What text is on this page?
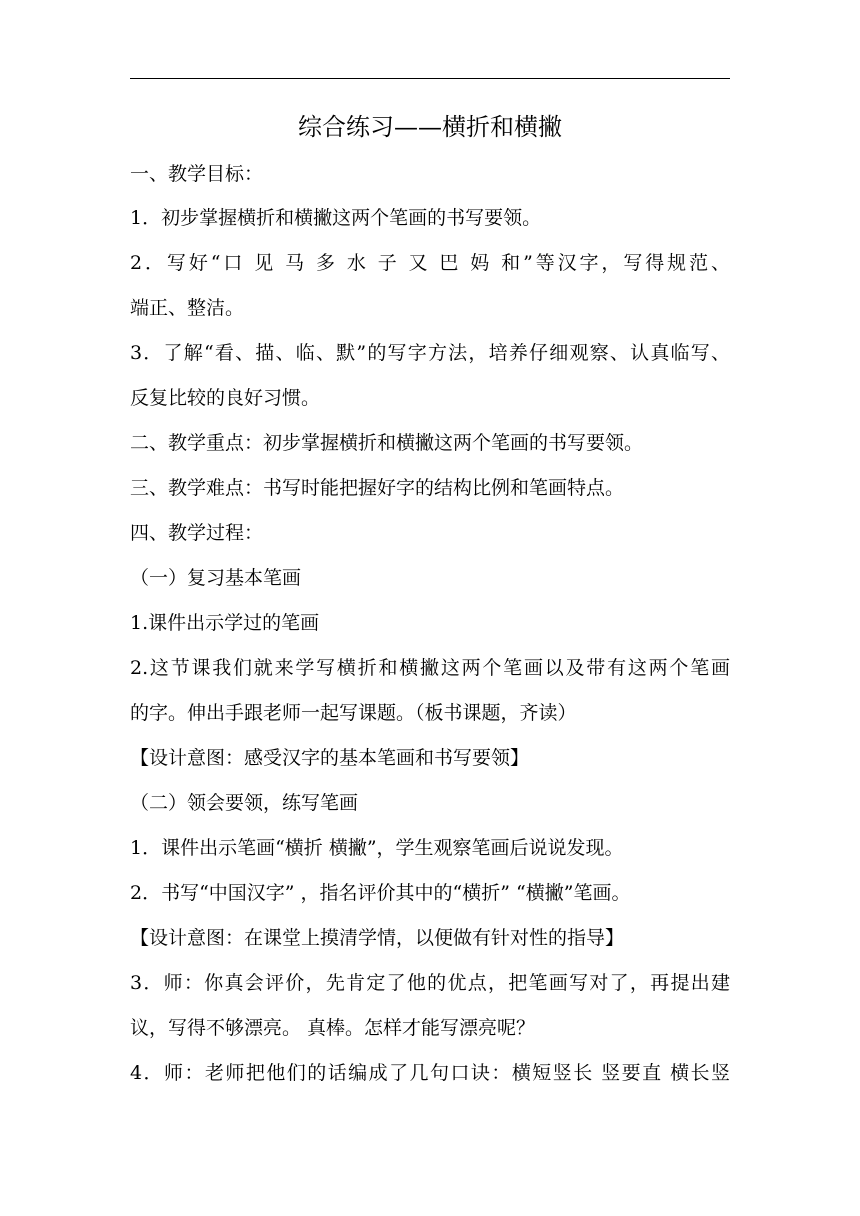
综合练习——横折和横撇
一、教学目标：
1．初步掌握横折和横撇这两个笔画的书写要领。
2．写好“口 见 马 多 水 子 又 巴 妈 和”等汉字，写得规范、
端正、整洁。
3．了解“看、描、临、默”的写字方法，培养仔细观察、认真临写、
反复比较的良好习惯。
二、教学重点：初步掌握横折和横撇这两个笔画的书写要领。
三、教学难点：书写时能把握好字的结构比例和笔画特点。
四、教学过程：
（一）复习基本笔画
1.课件出示学过的笔画
2.这节课我们就来学写横折和横撇这两个笔画以及带有这两个笔画
的字。伸出手跟老师一起写课题。（板书课题，齐读）
【设计意图：感受汉字的基本笔画和书写要领】
（二）领会要领，练写笔画
1．课件出示笔画“横折 横撇”，学生观察笔画后说说发现。
2．书写“中国汉字” ，指名评价其中的“横折” “横撇”笔画。
【设计意图：在课堂上摸清学情，以便做有针对性的指导】
3．师：你真会评价，先肯定了他的优点，把笔画写对了，再提出建
议，写得不够漂亮。 真棒。怎样才能写漂亮呢？
4．师：老师把他们的话编成了几句口诀：横短竖长 竖要直 横长竖
